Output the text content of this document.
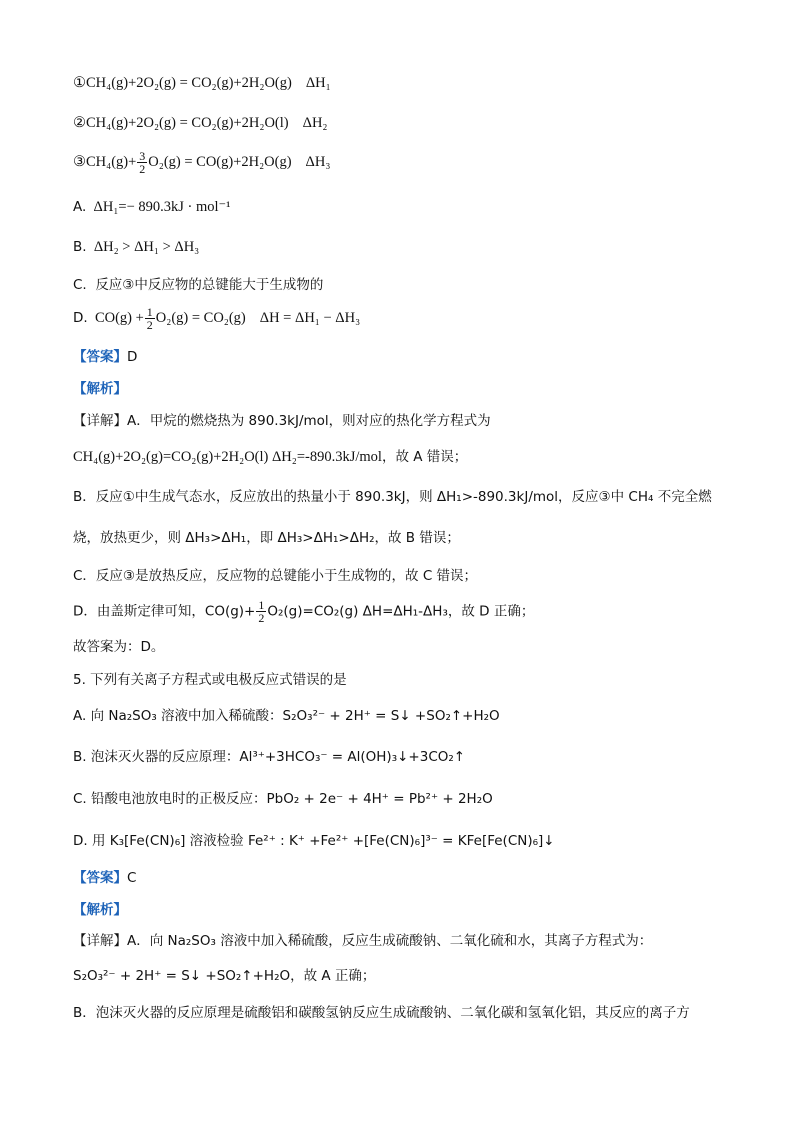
①CH₄(g)+2O₂(g) = CO₂(g)+2H₂O(g) ΔH₁
②CH₄(g)+2O₂(g) = CO₂(g)+2H₂O(l) ΔH₂
③CH₄(g)+ $\frac{3}{2} O_2(g) = CO(g)+2H_2O(g)$ ΔH₃
A. ΔH₁=− 890.3kJ · mol⁻¹
B. ΔH₂ > ΔH₁ > ΔH₃
C. 反应③中反应物的总键能大于生成物的
D. $CO(g) + \frac{1}{2} O_2(g) = CO_2(g) \Delta H = \Delta H_1 - \Delta H_3$
【答案】D
【解析】
【详解】A．甲烷的燃烧热为 890.3kJ/mol，则对应的热化学方程式为
CH₄(g)+2O₂(g)=CO₂(g)+2H₂O(l) ΔH₂=-890.3kJ/mol，故 A 错误；
B．反应①中生成气态水，反应放出的热量小于 890.3kJ，则 ΔH₁>-890.3kJ/mol，反应③中 CH₄ 不完全燃
烧，放热更少，则 ΔH₃>ΔH₁，即 ΔH₃>ΔH₁>ΔH₂，故 B 错误；
C．反应③是放热反应，反应物的总键能小于生成物的，故 C 错误；
D．由盖斯定律可知，$CO(g)+ \frac{1}{2} O_2(g)=CO_2(g)$ ΔH=ΔH₁-ΔH₃，故 D 正确；
故答案为：D。
5. 下列有关离子方程式或电极反应式错误的是
A. 向 Na₂SO₃ 溶液中加入稀硫酸：S₂O₃²⁻ + 2H⁺ = S↓ +SO₂↑+H₂O
B. 泡沫灭火器的反应原理：Al³⁺+3HCO₃⁻ = Al(OH)₃↓+3CO₂↑
C. 铅酸电池放电时的正极反应：PbO₂ + 2e⁻ + 4H⁺ = Pb²⁺ + 2H₂O
D. 用 K₃[Fe(CN)₆] 溶液检验 Fe²⁺ : K⁺ +Fe²⁺ +[Fe(CN)₆]³⁻ = KFe[Fe(CN)₆]↓
【答案】C
【解析】
【详解】A．向 Na₂SO₃ 溶液中加入稀硫酸，反应生成硫酸钠、二氧化硫和水，其离子方程式为：
S₂O₃²⁻ + 2H⁺ = S↓ +SO₂↑+H₂O，故 A 正确；
B．泡沫灭火器的反应原理是硫酸铝和碳酸氢钠反应生成硫酸钠、二氧化碳和氢氧化铝，其反应的离子方
